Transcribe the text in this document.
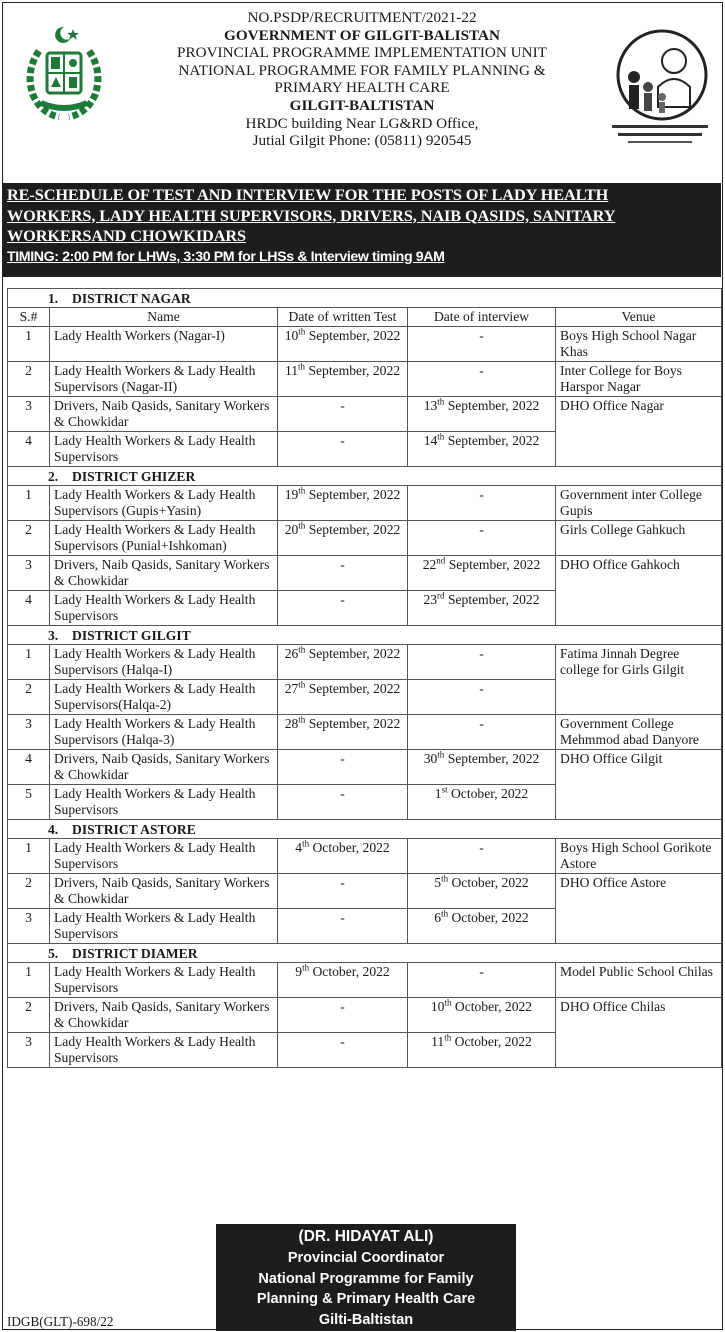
NO.PSDP/RECRUITMENT/2021-22
GOVERNMENT OF GILGIT-BALISTAN
PROVINCIAL PROGRAMME IMPLEMENTATION UNIT
NATIONAL PROGRAMME FOR FAMILY PLANNING &
PRIMARY HEALTH CARE
GILGIT-BALTISTAN
HRDC building Near LG&RD Office,
Jutial Gilgit Phone: (05811) 920545
RE-SCHEDULE OF TEST AND INTERVIEW FOR THE POSTS OF LADY HEALTH
WORKERS, LADY HEALTH SUPERVISORS, DRIVERS, NAIB QASIDS, SANITARY
WORKERSAND CHOWKIDARS
TIMING: 2:00 PM for LHWs, 3:30 PM for LHSs & Interview timing 9AM
1. DISTRICT NAGAR				
S.#	Name	Date of written Test	Date of interview	Venue
1	Lady Health Workers (Nagar-I)	10th September, 2022	-	Boys High School Nagar Khas
2	Lady Health Workers & Lady Health Supervisors (Nagar-II)	11th September, 2022	-	Inter College for Boys Harspor Nagar
3	Drivers, Naib Qasids, Sanitary Workers & Chowkidar	-	13th September, 2022	DHO Office Nagar
4	Lady Health Workers & Lady Health Supervisors	-	14th September, 2022	
2. DISTRICT GHIZER				
1	Lady Health Workers & Lady Health Supervisors (Gupis+Yasin)	19th September, 2022	-	Government inter College Gupis
2	Lady Health Workers & Lady Health Supervisors (Punial+Ishkoman)	20th September, 2022	-	Girls College Gahkuch
3	Drivers, Naib Qasids, Sanitary Workers & Chowkidar	-	22nd September, 2022	DHO Office Gahkoch
4	Lady Health Workers & Lady Health Supervisors	-	23rd September, 2022	
3. DISTRICT GILGIT				
1	Lady Health Workers & Lady Health Supervisors (Halqa-I)	26th September, 2022	-	Fatima Jinnah Degree college for Girls Gilgit
2	Lady Health Workers & Lady Health Supervisors(Halqa-2)	27th September, 2022	-	
3	Lady Health Workers & Lady Health Supervisors (Halqa-3)	28th September, 2022	-	Government College Mehmmod abad Danyore
4	Drivers, Naib Qasids, Sanitary Workers & Chowkidar	-	30th September, 2022	DHO Office Gilgit
5	Lady Health Workers & Lady Health Supervisors	-	1st October, 2022	
4. DISTRICT ASTORE				
1	Lady Health Workers & Lady Health Supervisors	4th October, 2022	-	Boys High School Gorikote Astore
2	Drivers, Naib Qasids, Sanitary Workers & Chowkidar	-	5th October, 2022	DHO Office Astore
3	Lady Health Workers & Lady Health Supervisors	-	6th October, 2022	
5. DISTRICT DIAMER				
1	Lady Health Workers & Lady Health Supervisors	9th October, 2022	-	Model Public School Chilas
2	Drivers, Naib Qasids, Sanitary Workers & Chowkidar	-	10th October, 2022	DHO Office Chilas
3	Lady Health Workers & Lady Health Supervisors	-	11th October, 2022	
(DR. HIDAYAT ALI)
Provincial Coordinator
National Programme for Family
Planning & Primary Health Care
Gilti-Baltistan
IDGB(GLT)-698/22
